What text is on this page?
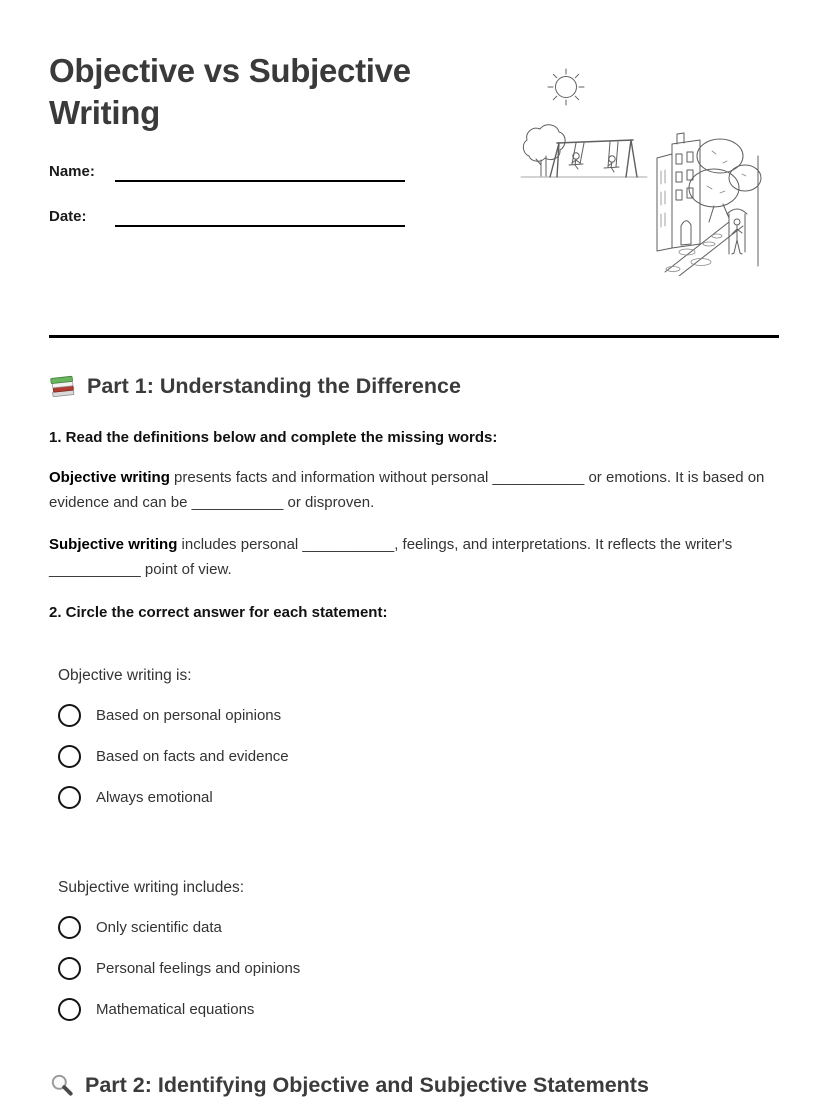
Objective vs Subjective Writing
Name:
Date:
Part 1: Understanding the Difference
1. Read the definitions below and complete the missing words:

Objective writing presents facts and information without personal ___________ or emotions. It is based on evidence and can be ___________ or disproven.

Subjective writing includes personal ___________, feelings, and interpretations. It reflects the writer's ___________ point of view.

2. Circle the correct answer for each statement:
Objective writing is:
Based on personal opinions
Based on facts and evidence
Always emotional
Subjective writing includes:
Only scientific data
Personal feelings and opinions
Mathematical equations
Part 2: Identifying Objective and Subjective Statements
